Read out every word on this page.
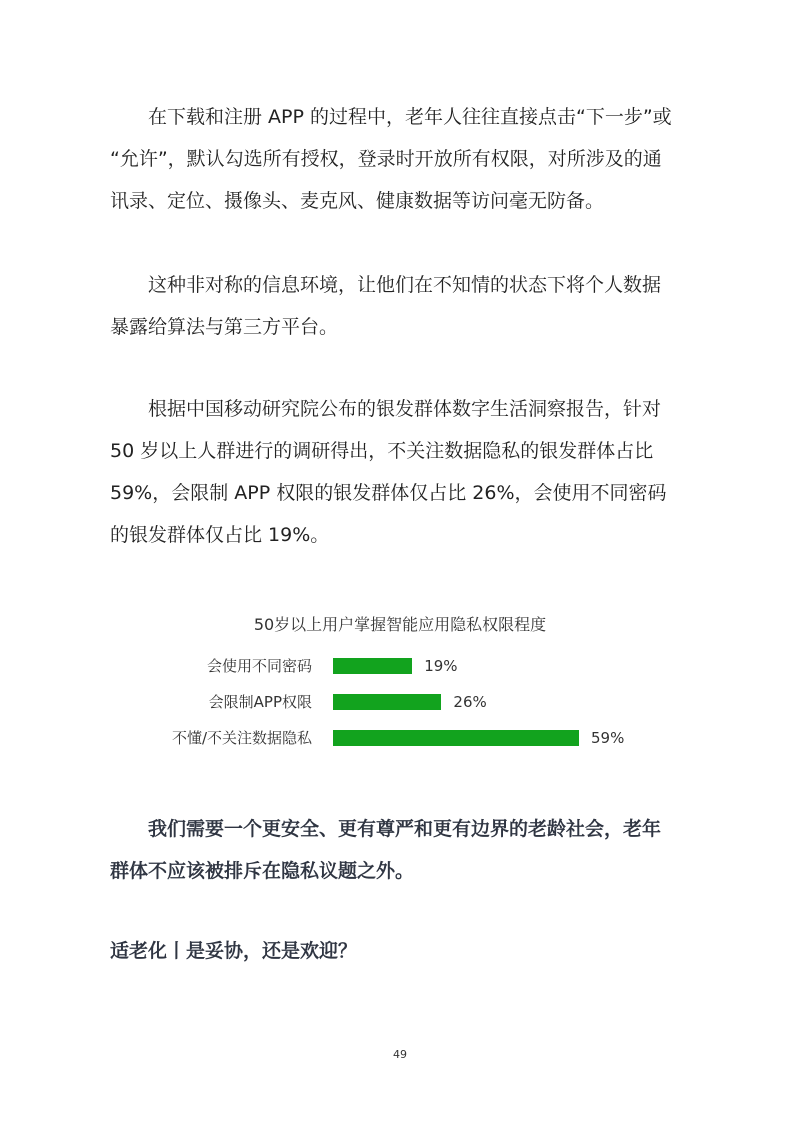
在下载和注册 APP 的过程中，老年人往往直接点击“下一步”或
“允许”，默认勾选所有授权，登录时开放所有权限，对所涉及的通
讯录、定位、摄像头、麦克风、健康数据等访问毫无防备。
这种非对称的信息环境，让他们在不知情的状态下将个人数据
暴露给算法与第三方平台。
根据中国移动研究院公布的银发群体数字生活洞察报告，针对
50 岁以上人群进行的调研得出，不关注数据隐私的银发群体占比
59%，会限制 APP 权限的银发群体仅占比 26%，会使用不同密码
的银发群体仅占比 19%。
50岁以上用户掌握智能应用隐私权限程度
会使用不同密码	19%
会限制APP权限	26%
不懂/不关注数据隐私	59%
我们需要一个更安全、更有尊严和更有边界的老龄社会，老年
群体不应该被排斥在隐私议题之外。
适老化丨是妥协，还是欢迎？
49
